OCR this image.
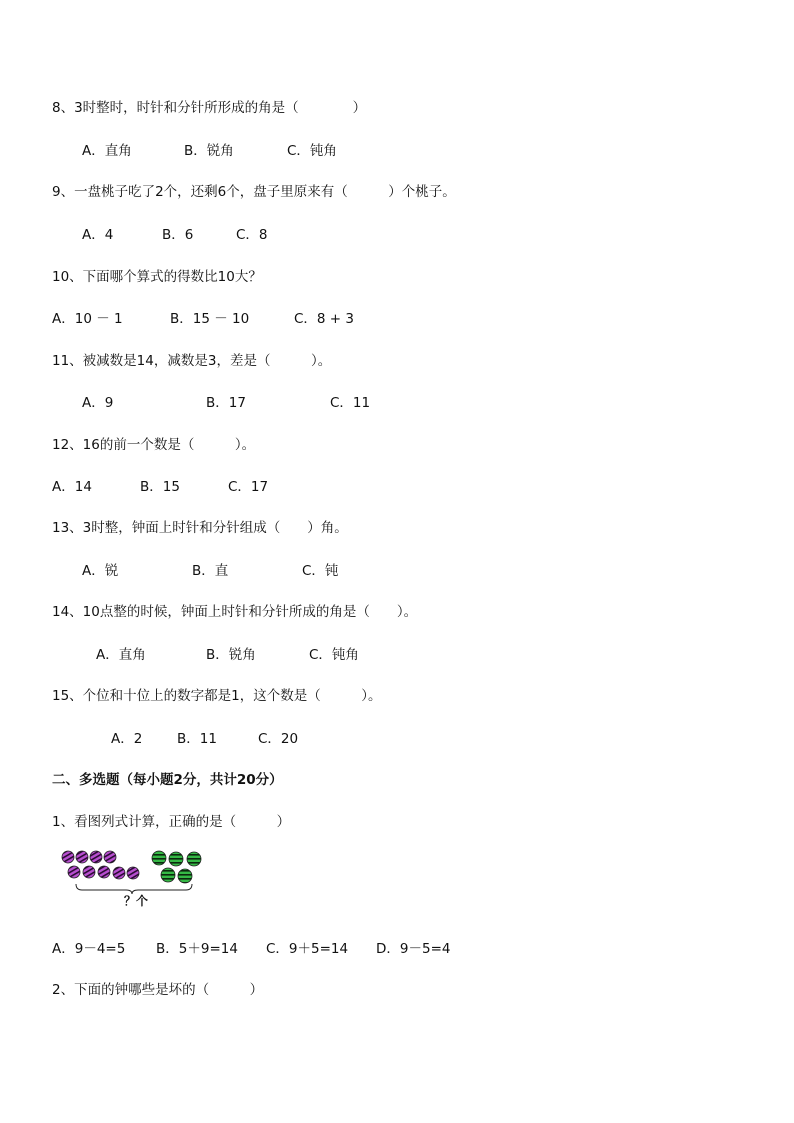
8、3时整时，时针和分针所形成的角是（　　　　）
A．直角	B．锐角	C．钝角
9、一盘桃子吃了2个，还剩6个，盘子里原来有（　　　）个桃子。
A．4	B．6	C．8
10、下面哪个算式的得数比10大？
A．10 － 1	B．15 － 10	C．8 + 3
11、被减数是14，减数是3，差是（　　　）。
A．9	B．17	C．11
12、16的前一个数是（　　　）。
A．14	B．15	C．17
13、3时整，钟面上时针和分针组成（　　）角。
A．锐	B．直	C．钝
14、10点整的时候，钟面上时针和分针所成的角是（　　）。
A．直角	B．锐角	C．钝角
15、个位和十位上的数字都是1，这个数是（　　　）。
A．2	B．11	C．20
二、多选题（每小题2分，共计20分）
1、看图列式计算，正确的是（　　　）
？个
A．9－4=5 B．5＋9=14 C．9＋5=14 D．9－5=4
2、下面的钟哪些是坏的（　　　）
